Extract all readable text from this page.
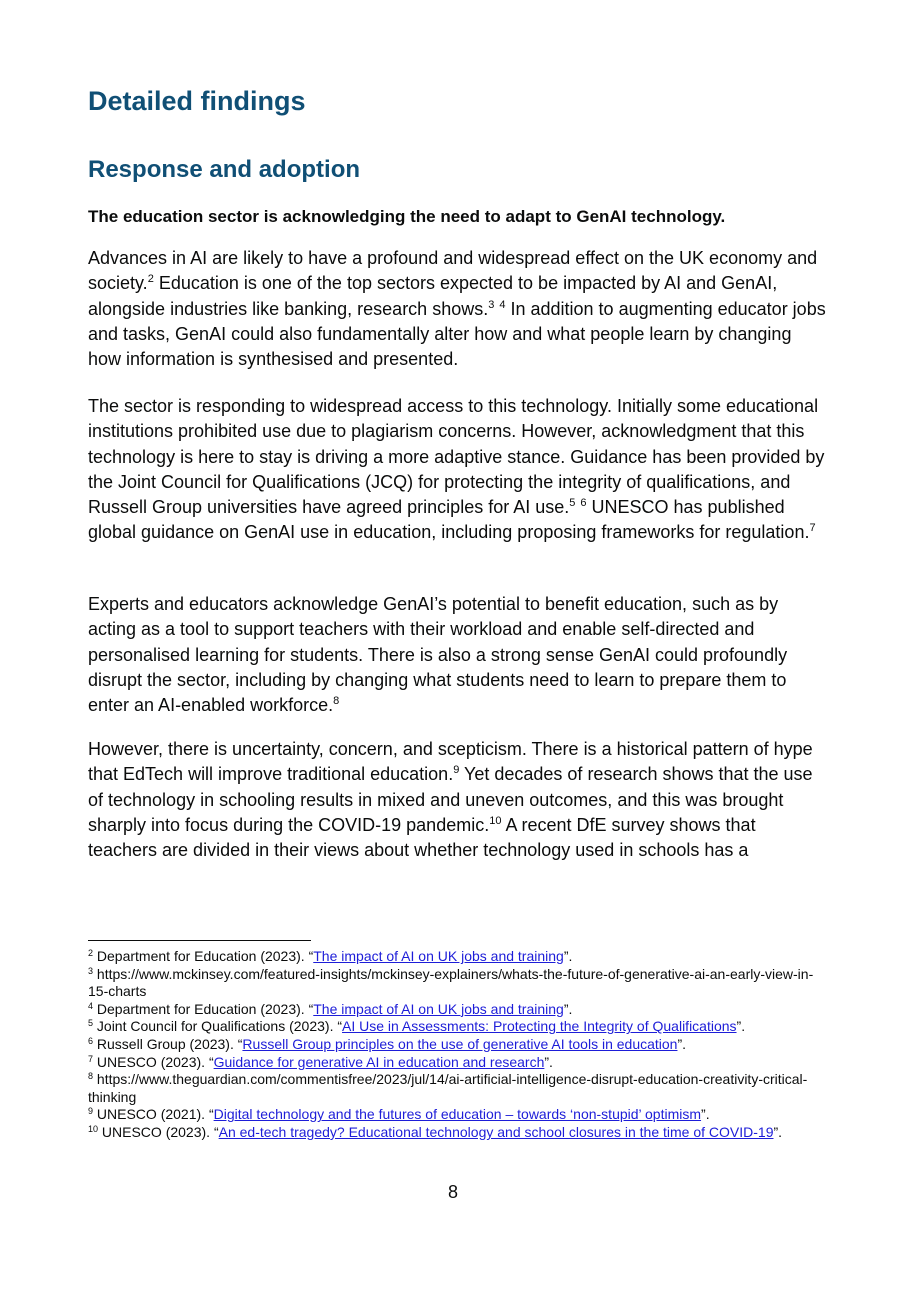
Detailed findings
Response and adoption

The education sector is acknowledging the need to adapt to GenAI technology.

Advances in AI are likely to have a profound and widespread effect on the UK economy and society.$^2$ Education is one of the top sectors expected to be impacted by AI and GenAI, alongside industries like banking, research shows.$^3$ $^4$ In addition to augmenting educator jobs and tasks, GenAI could also fundamentally alter how and what people learn by changing how information is synthesised and presented.

The sector is responding to widespread access to this technology. Initially some educational institutions prohibited use due to plagiarism concerns. However, acknowledgment that this technology is here to stay is driving a more adaptive stance. Guidance has been provided by the Joint Council for Qualifications (JCQ) for protecting the integrity of qualifications, and Russell Group universities have agreed principles for AI use.$^5$ $^6$ UNESCO has published global guidance on GenAI use in education, including proposing frameworks for regulation.$^7$

Experts and educators acknowledge GenAI’s potential to benefit education, such as by acting as a tool to support teachers with their workload and enable self-directed and personalised learning for students. There is also a strong sense GenAI could profoundly disrupt the sector, including by changing what students need to learn to prepare them to enter an AI-enabled workforce.$^8$

However, there is uncertainty, concern, and scepticism. There is a historical pattern of hype that EdTech will improve traditional education.$^9$ Yet decades of research shows that the use of technology in schooling results in mixed and uneven outcomes, and this was brought sharply into focus during the COVID-19 pandemic.$^{10}$ A recent DfE survey shows that teachers are divided in their views about whether technology used in schools has a

$^2$ Department for Education (2023). “The impact of AI on UK jobs and training”.

$^3$ https://www.mckinsey.com/featured-insights/mckinsey-explainers/whats-the-future-of-generative-ai-an-early-view-in-15-charts

$^4$ Department for Education (2023). “The impact of AI on UK jobs and training”.

$^5$ Joint Council for Qualifications (2023). “AI Use in Assessments: Protecting the Integrity of Qualifications”.

$^6$ Russell Group (2023). “Russell Group principles on the use of generative AI tools in education”.

$^7$ UNESCO (2023). “Guidance for generative AI in education and research”.

$^8$ https://www.theguardian.com/commentisfree/2023/jul/14/ai-artificial-intelligence-disrupt-education-creativity-critical-thinking

$^9$ UNESCO (2021). “Digital technology and the futures of education – towards ‘non-stupid’ optimism”.

$^{10}$ UNESCO (2023). “An ed-tech tragedy? Educational technology and school closures in the time of COVID-19”.

8
